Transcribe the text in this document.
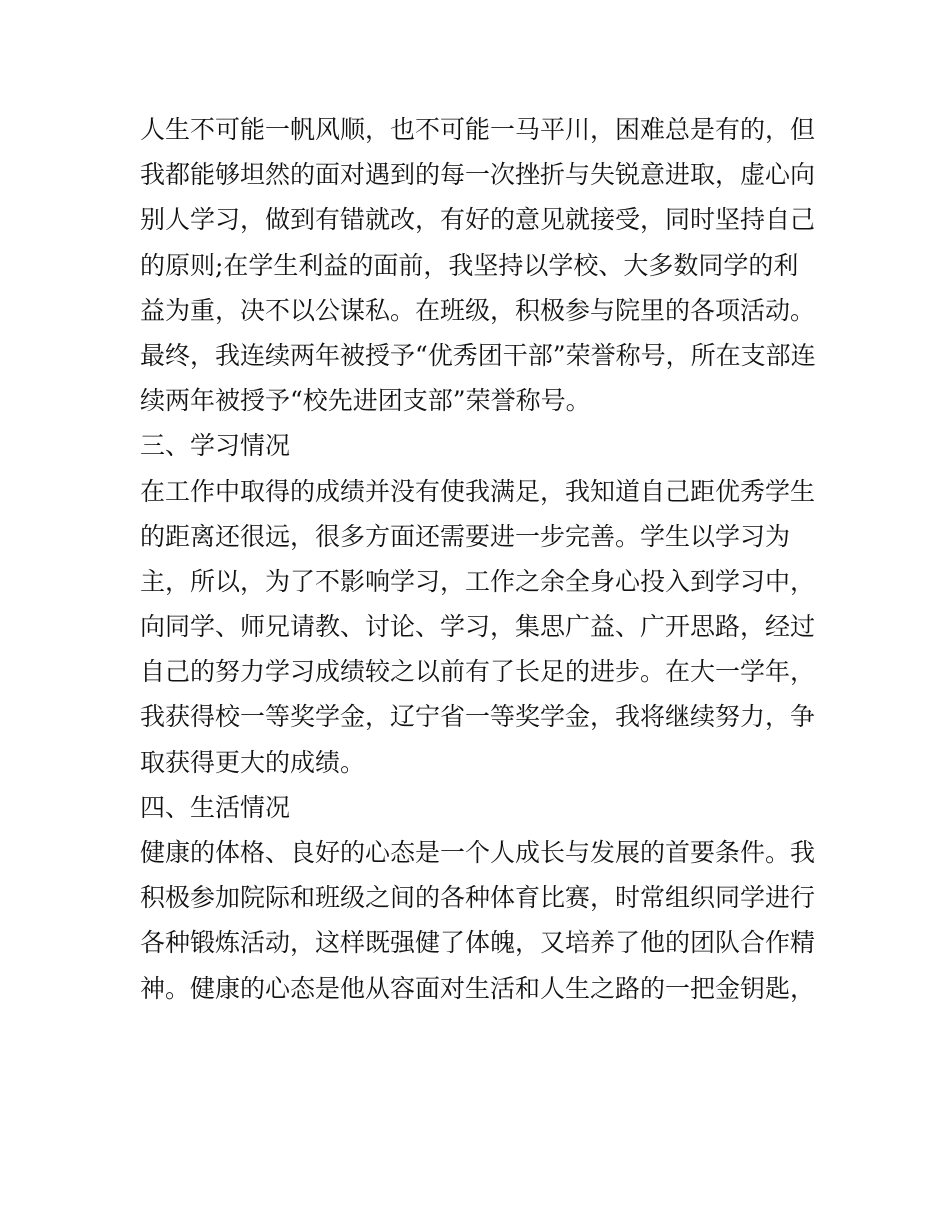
人生不可能一帆风顺，也不可能一马平川，困难总是有的，但
我都能够坦然的面对遇到的每一次挫折与失锐意进取，虚心向
别人学习，做到有错就改，有好的意见就接受，同时坚持自己
的原则;在学生利益的面前，我坚持以学校、大多数同学的利
益为重，决不以公谋私。在班级，积极参与院里的各项活动。
最终，我连续两年被授予“优秀团干部”荣誉称号，所在支部连
续两年被授予“校先进团支部”荣誉称号。
三、学习情况
在工作中取得的成绩并没有使我满足，我知道自己距优秀学生
的距离还很远，很多方面还需要进一步完善。学生以学习为
主，所以，为了不影响学习，工作之余全身心投入到学习中，
向同学、师兄请教、讨论、学习，集思广益、广开思路，经过
自己的努力学习成绩较之以前有了长足的进步。在大一学年，
我获得校一等奖学金，辽宁省一等奖学金，我将继续努力，争
取获得更大的成绩。
四、生活情况
健康的体格、良好的心态是一个人成长与发展的首要条件。我
积极参加院际和班级之间的各种体育比赛，时常组织同学进行
各种锻炼活动，这样既强健了体魄，又培养了他的团队合作精
神。健康的心态是他从容面对生活和人生之路的一把金钥匙，
